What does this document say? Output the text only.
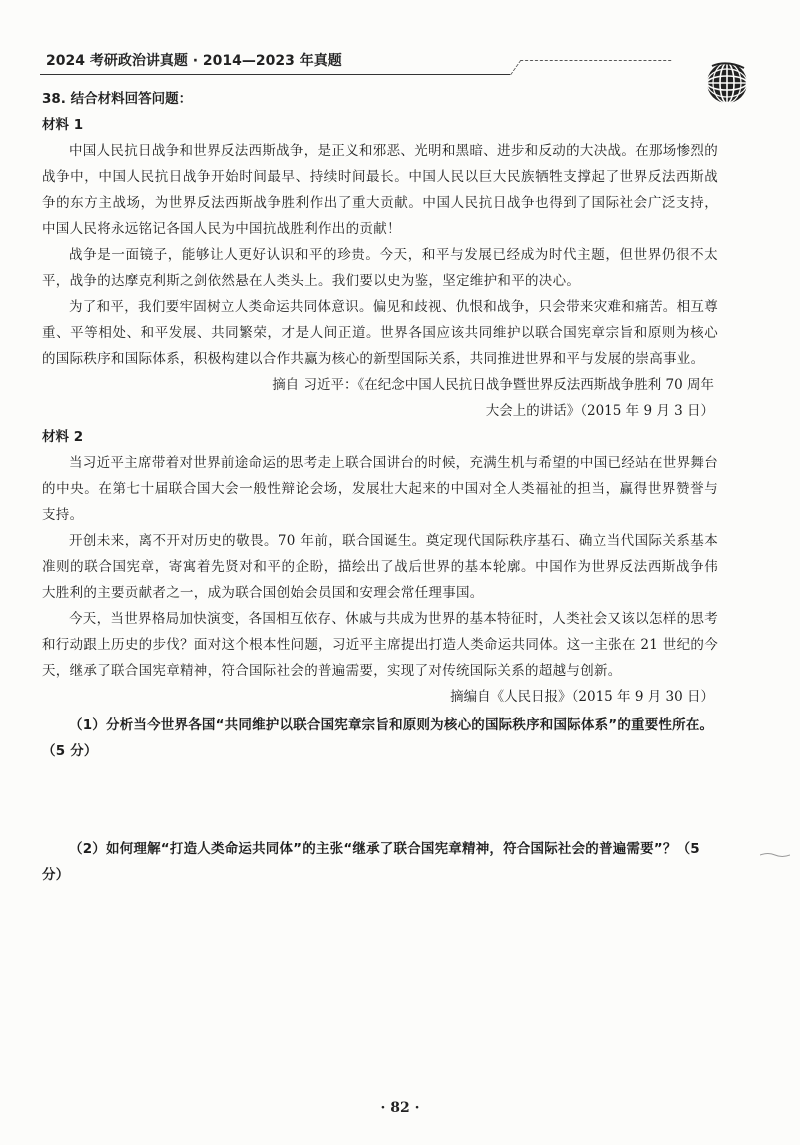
2024 考研政治讲真题 · 2014—2023 年真题

38. 结合材料回答问题：

材料 1

中国人民抗日战争和世界反法西斯战争，是正义和邪恶、光明和黑暗、进步和反动的大决战。在那场惨烈的战争中，中国人民抗日战争开始时间最早、持续时间最长。中国人民以巨大民族牺牲支撑起了世界反法西斯战争的东方主战场，为世界反法西斯战争胜利作出了重大贡献。中国人民抗日战争也得到了国际社会广泛支持，中国人民将永远铭记各国人民为中国抗战胜利作出的贡献！

战争是一面镜子，能够让人更好认识和平的珍贵。今天，和平与发展已经成为时代主题，但世界仍很不太平，战争的达摩克利斯之剑依然悬在人类头上。我们要以史为鉴，坚定维护和平的决心。

为了和平，我们要牢固树立人类命运共同体意识。偏见和歧视、仇恨和战争，只会带来灾难和痛苦。相互尊重、平等相处、和平发展、共同繁荣，才是人间正道。世界各国应该共同维护以联合国宪章宗旨和原则为核心的国际秩序和国际体系，积极构建以合作共赢为核心的新型国际关系，共同推进世界和平与发展的崇高事业。

摘自 习近平：《在纪念中国人民抗日战争暨世界反法西斯战争胜利 70 周年

大会上的讲话》（2015 年 9 月 3 日）

材料 2

当习近平主席带着对世界前途命运的思考走上联合国讲台的时候，充满生机与希望的中国已经站在世界舞台的中央。在第七十届联合国大会一般性辩论会场，发展壮大起来的中国对全人类福祉的担当，赢得世界赞誉与支持。

开创未来，离不开对历史的敬畏。70 年前，联合国诞生。奠定现代国际秩序基石、确立当代国际关系基本准则的联合国宪章，寄寓着先贤对和平的企盼，描绘出了战后世界的基本轮廓。中国作为世界反法西斯战争伟大胜利的主要贡献者之一，成为联合国创始会员国和安理会常任理事国。

今天，当世界格局加快演变，各国相互依存、休戚与共成为世界的基本特征时，人类社会又该以怎样的思考和行动跟上历史的步伐？面对这个根本性问题，习近平主席提出打造人类命运共同体。这一主张在 21 世纪的今天，继承了联合国宪章精神，符合国际社会的普遍需要，实现了对传统国际关系的超越与创新。

摘编自《人民日报》（2015 年 9 月 30 日）

（1）分析当今世界各国“共同维护以联合国宪章宗旨和原则为核心的国际秩序和国际体系”的重要性所在。（5 分）

（2）如何理解“打造人类命运共同体”的主张“继承了联合国宪章精神，符合国际社会的普遍需要”？（5 分）

· 82 ·
